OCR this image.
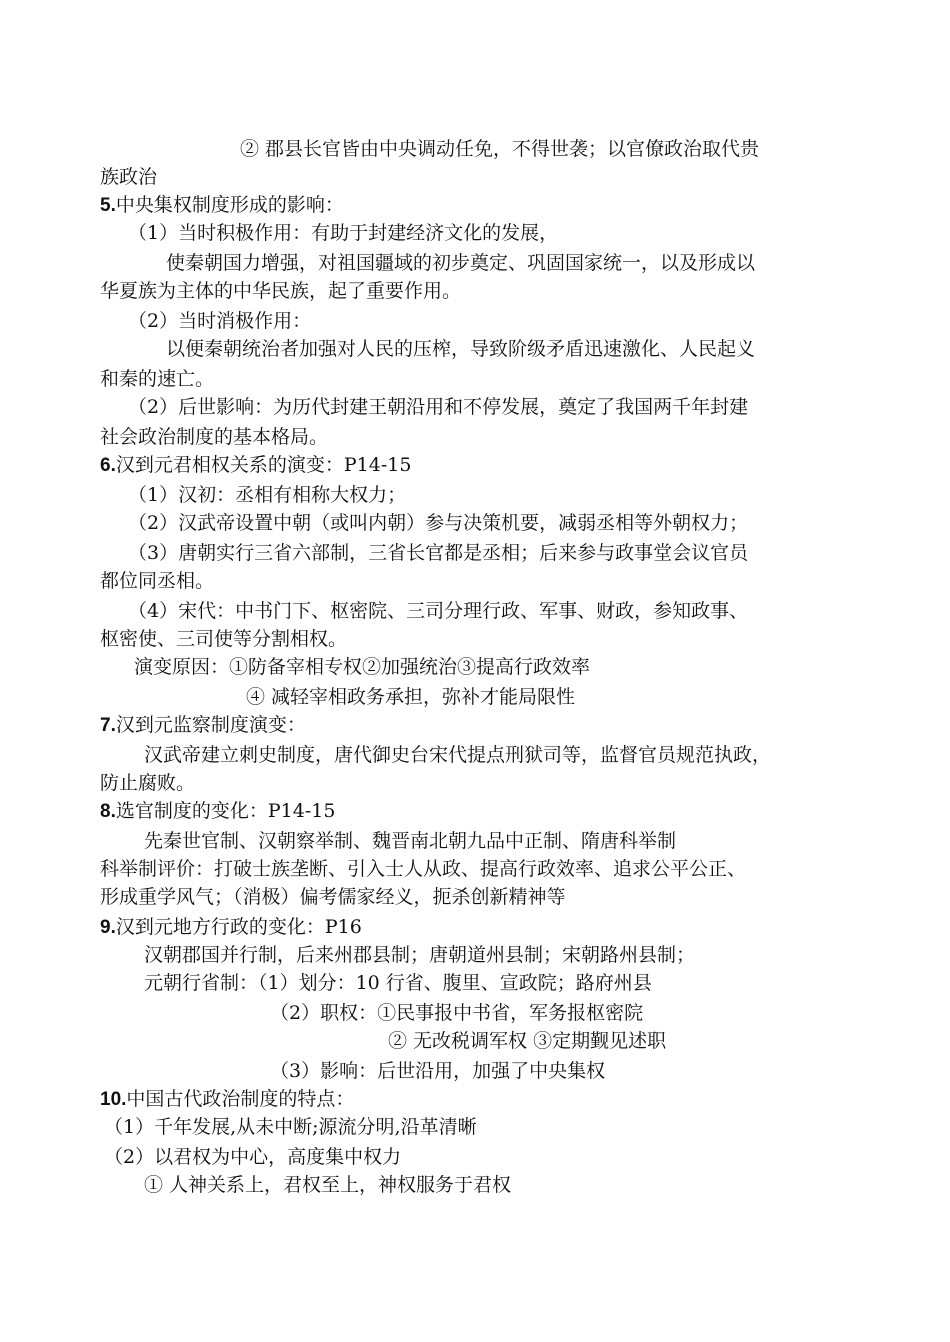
② 郡县长官皆由中央调动任免，不得世袭；以官僚政治取代贵
族政治
5.中央集权制度形成的影响：
（1）当时积极作用：有助于封建经济文化的发展，
使秦朝国力增强，对祖国疆域的初步奠定、巩固国家统一，以及形成以
华夏族为主体的中华民族，起了重要作用。
（2）当时消极作用：
以便秦朝统治者加强对人民的压榨，导致阶级矛盾迅速激化、人民起义
和秦的速亡。
（2）后世影响：为历代封建王朝沿用和不停发展，奠定了我国两千年封建
社会政治制度的基本格局。
6.汉到元君相权关系的演变：P14-15
（1）汉初：丞相有相称大权力；
（2）汉武帝设置中朝（或叫内朝）参与决策机要，减弱丞相等外朝权力；
（3）唐朝实行三省六部制，三省长官都是丞相；后来参与政事堂会议官员
都位同丞相。
（4）宋代：中书门下、枢密院、三司分理行政、军事、财政，参知政事、
枢密使、三司使等分割相权。
演变原因：①防备宰相专权②加强统治③提高行政效率
④ 减轻宰相政务承担，弥补才能局限性
7.汉到元监察制度演变：
汉武帝建立刺史制度，唐代御史台宋代提点刑狱司等，监督官员规范执政，
防止腐败。
8.选官制度的变化：P14-15
先秦世官制、汉朝察举制、魏晋南北朝九品中正制、隋唐科举制
科举制评价：打破士族垄断、引入士人从政、提高行政效率、追求公平公正、
形成重学风气；（消极）偏考儒家经义，扼杀创新精神等
9.汉到元地方行政的变化：P16
汉朝郡国并行制，后来州郡县制；唐朝道州县制；宋朝路州县制；
元朝行省制：（1）划分：10 行省、腹里、宣政院；路府州县
（2）职权：①民事报中书省，军务报枢密院
② 无改税调军权 ③定期觐见述职
（3）影响：后世沿用，加强了中央集权
10.中国古代政治制度的特点：
（1）千年发展,从未中断;源流分明,沿革清晰
（2）以君权为中心，高度集中权力
① 人神关系上，君权至上，神权服务于君权
